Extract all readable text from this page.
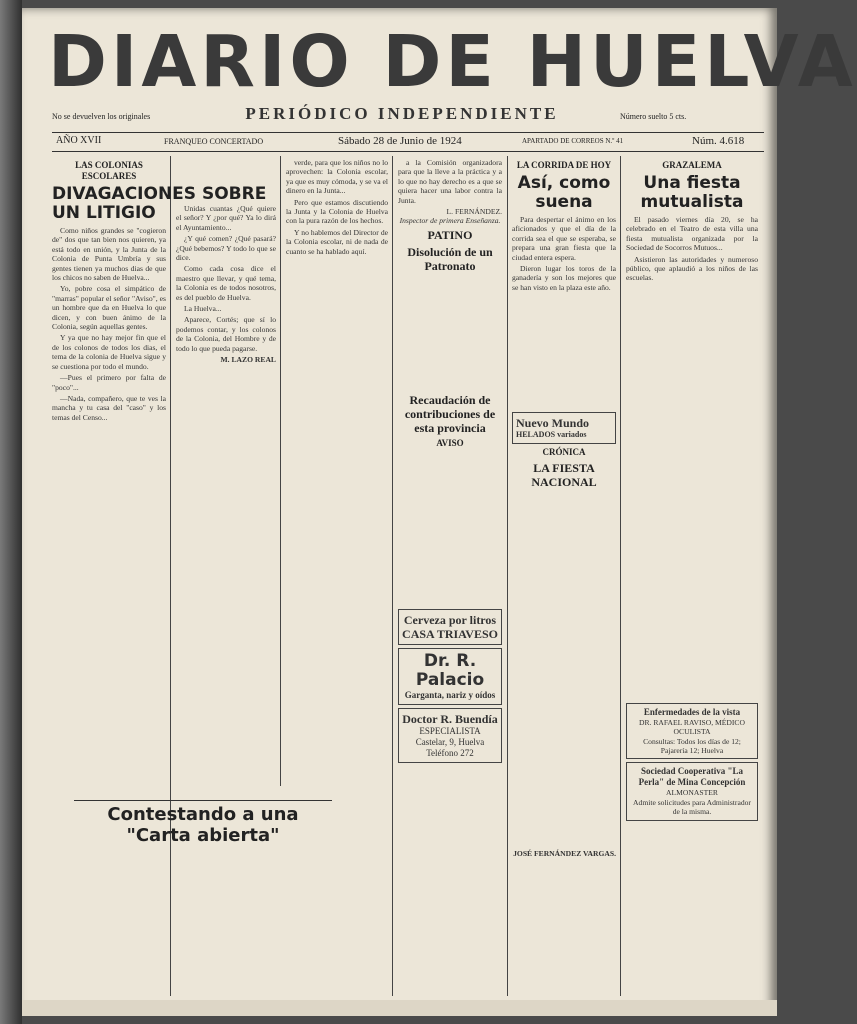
DIARIO DE HUELVA
PERIÓDICO INDEPENDIENTE
No se devuelven los originales	Número suelto 5 cts.
AÑO XVII	FRANQUEO CONCERTADO	Sábado 28 de Junio de 1924	APARTADO DE CORREOS N.º 41	Núm. 4.618
LAS COLONIAS ESCOLARES
DIVAGACIONES SOBRE UN LITIGIO

Como niños grandes se "cogieron de" dos que tan bien nos quieren, ya está todo en unión, y la Junta de la Colonia de Punta Umbría y sus gentes tienen ya muchos dias de que los chicos no saben de Huelva...

Yo, pobre cosa el simpático de "marras" popular el señor "Aviso", es un hombre que da en Huelva lo que dicen, y con buen ánimo de la Colonia, según aquellas gentes.

Y ya que no hay mejor fin que el de los colonos de todos los dias, el tema de la colonia de Huelva sigue y se cuestiona por todo el mundo.

—Pues el primero por falta de "poco"...

—Nada, compañero, que te ves la mancha y tu casa del "caso" y los temas del Censo...

Unidas cuantas ¿Qué quiere el señor? Y ¿por qué? Ya lo dirá el Ayuntamiento...

¿Y qué comen? ¿Qué pasará? ¿Qué bebemos? Y todo lo que se dice.

Como cada cosa dice el maestro que llevar, y qué tema, la Colonia es de todos nosotros, es del pueblo de Huelva.

La Huelva...

Aparece, Cortés; que sí lo podemos contar, y los colonos de la Colonia, del Hombre y de todo lo que pueda pagarse.

M. LAZO REAL

verde, para que los niños no lo aprovechen: la Colonia escolar, ya que es muy cómoda, y se va el dinero en la Junta...

Pero que estamos discutiendo la Junta y la Colonia de Huelva con la pura razón de los hechos.

Y no hablemos del Director de la Colonia escolar, ni de nada de cuanto se ha hablado aquí.

Contestando a una "Carta abierta"

a la Comisión organizadora para que la lleve a la práctica y a lo que no hay derecho es a que se quiera hacer una labor contra la Junta.

L. FERNÁNDEZ.
Inspector de primera Enseñanza.
PATINO
Disolución de un Patronato
Recaudación de contribuciones de esta provincia
AVISO
Cerveza por litros
CASA TRIAVESO
Dr. R. Palacio
Garganta, nariz y oídos
Doctor R. Buendía
ESPECIALISTA
Castelar, 9, Huelva
Teléfono 272
LA CORRIDA DE HOY
Así, como suena

Para despertar el ánimo en los aficionados y que el día de la corrida sea el que se esperaba, se prepara una gran fiesta que la ciudad entera espera.

Dieron lugar los toros de la ganadería y son los mejores que se han visto en la plaza este año.

Nuevo Mundo HELADOS variados
CRÓNICA
LA FIESTA NACIONAL
JOSÉ FERNÁNDEZ VARGAS.
GRAZALEMA
Una fiesta mutualista

El pasado viernes día 20, se ha celebrado en el Teatro de esta villa una fiesta mutualista organizada por la Sociedad de Socorros Mutuos...

Asistieron las autoridades y numeroso público, que aplaudió a los niños de las escuelas.

Enfermedades de la vista
DR. RAFAEL RAVISO, MÉDICO OCULISTA
Consultas: Todos los días de 12; Pajarería 12; Huelva
Sociedad Cooperativa "La Perla" de Mina Concepción
ALMONASTER
Admite solicitudes para Administrador de la misma.
